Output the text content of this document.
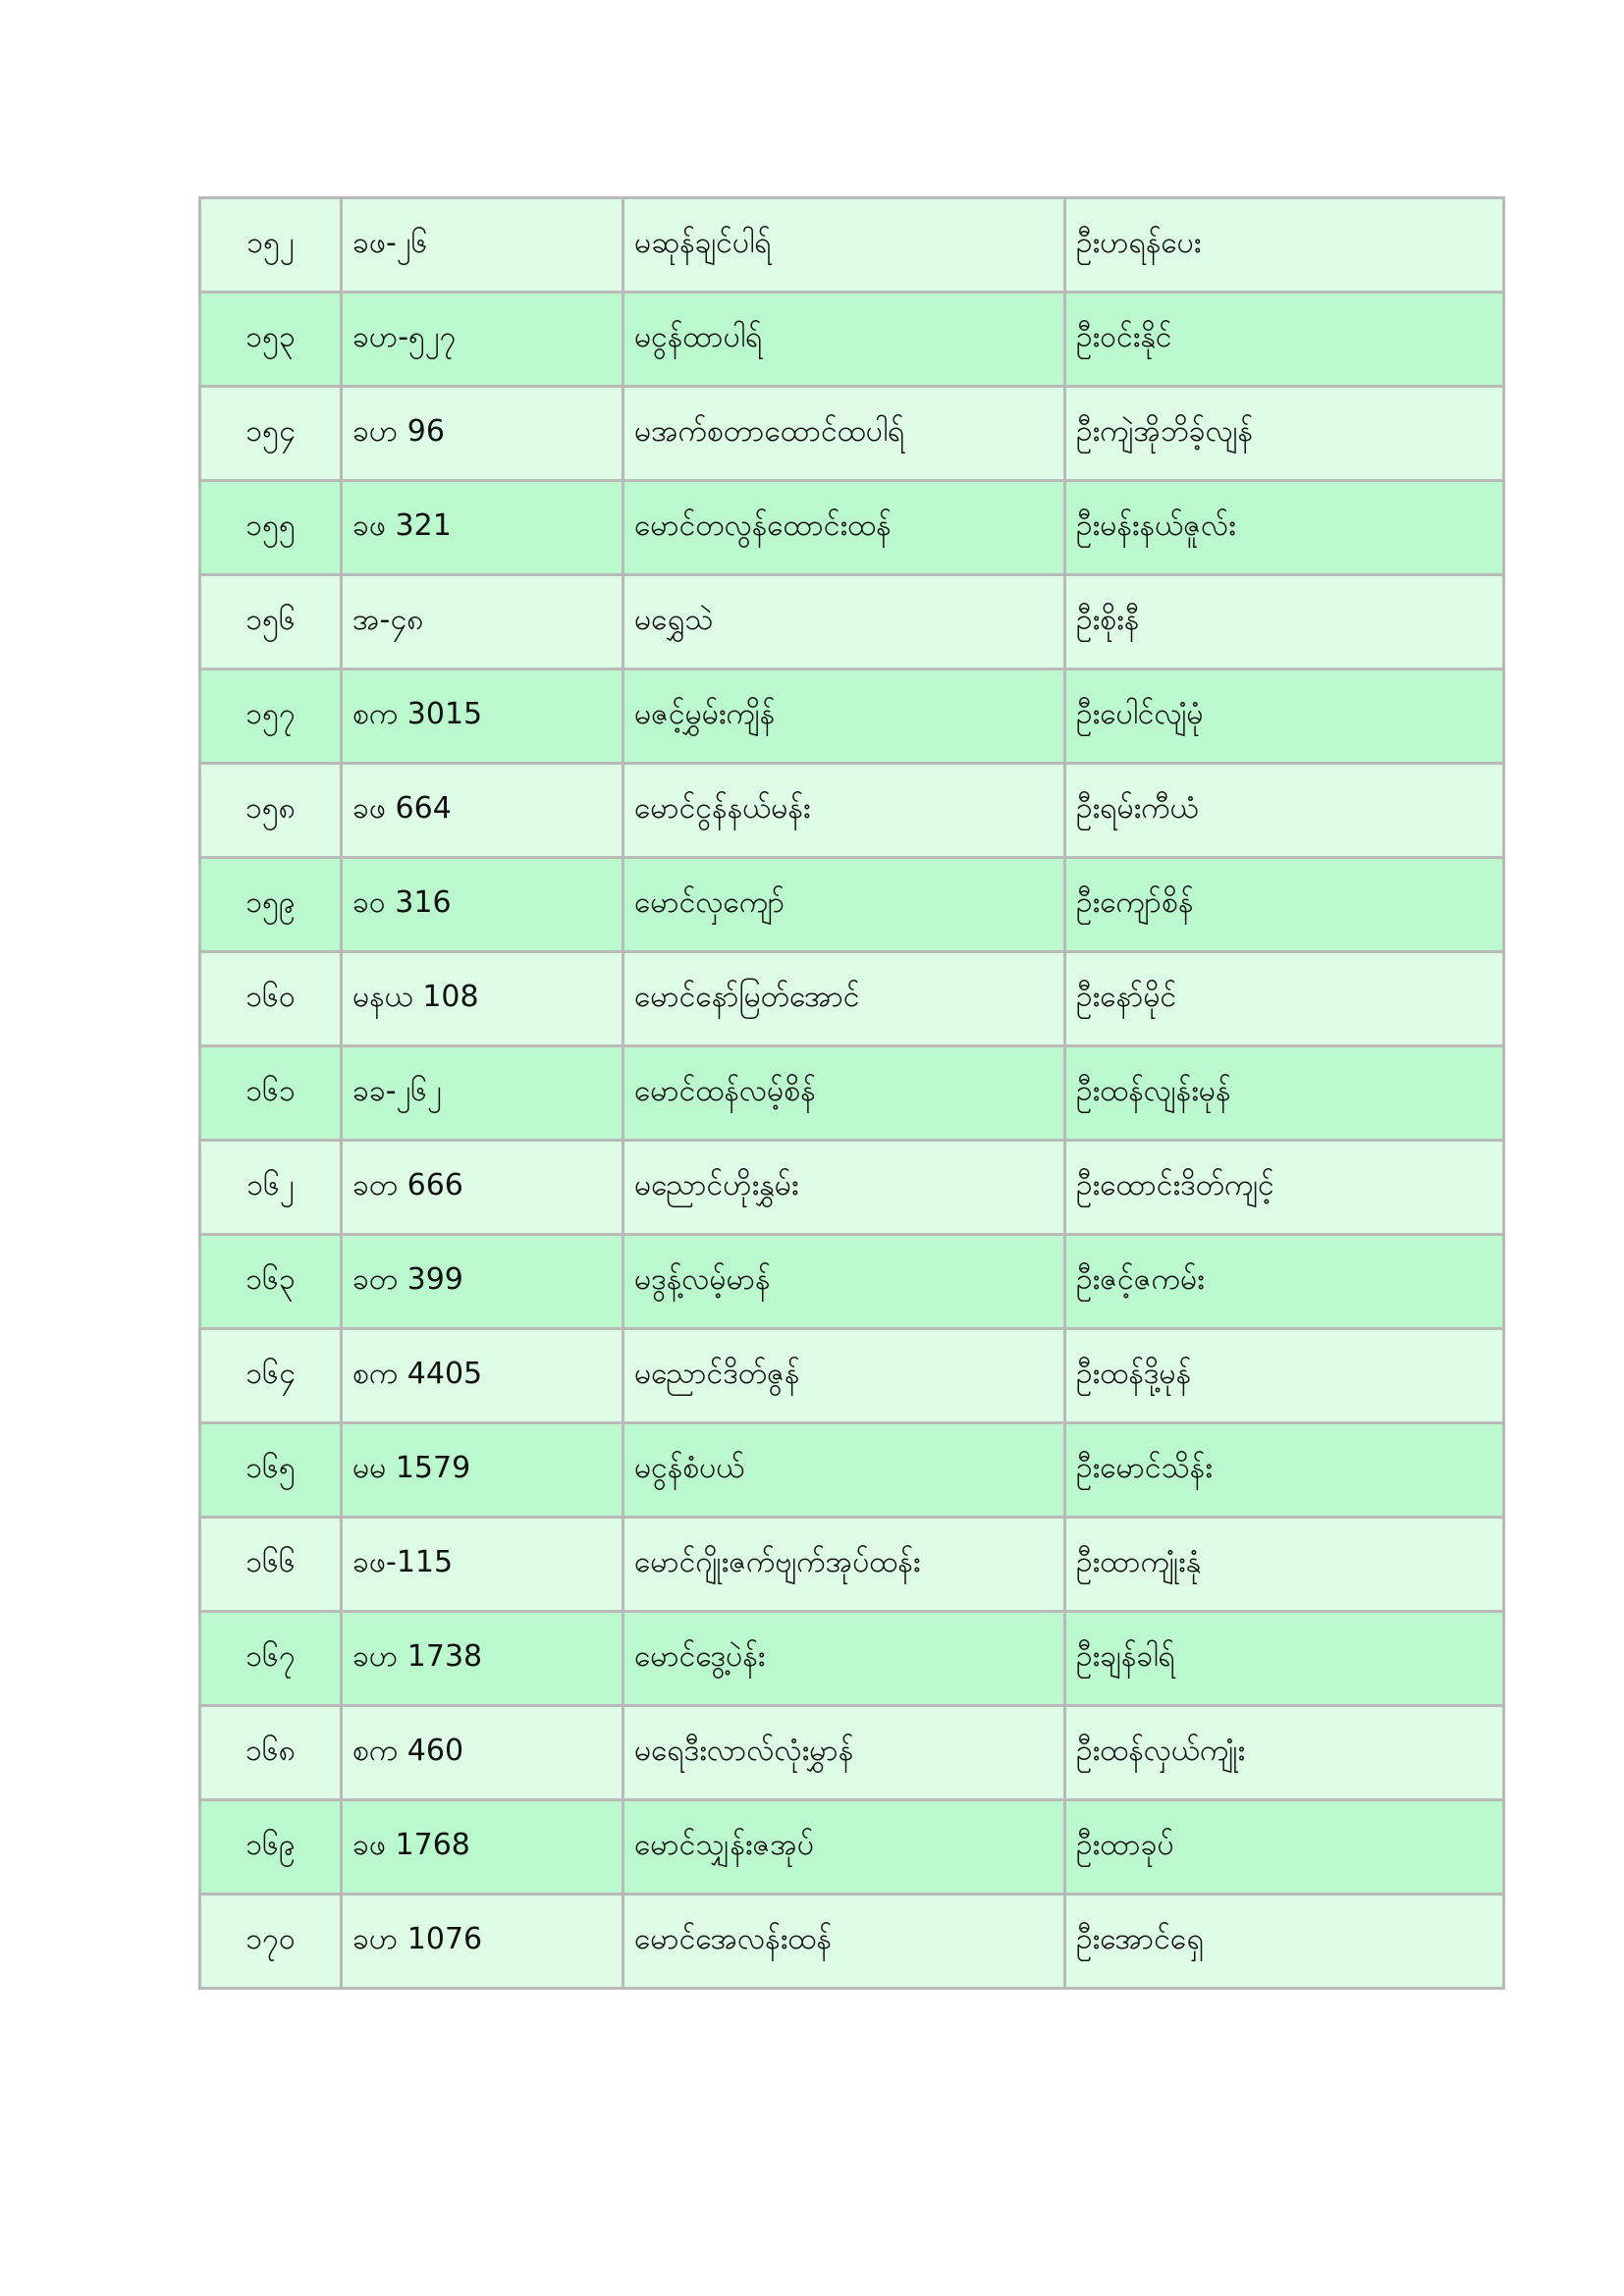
၁၅၂	ခဖ-၂၆	မဆုန်ချင်ပါရ်	ဦးဟရန်ပေး
၁၅၃	ခဟ-၅၂၇	မငွန်ထာပါရ်	ဦးဝင်းနိုင်
၁၅၄	ခဟ 96	မအက်စတာထောင်ထပါရ်	ဦးကျဲအိုဘိခ့်လျန်
၁၅၅	ခဖ 321	မောင်တလွန်ထောင်းထန်	ဦးမန်းနယ်ဇူလ်း
၁၅၆	အ-၄၈	မရွှေသဲ	ဦးစိုးနီ
၁၅၇	စက 3015	မဇင့်မွှမ်းကျိန်	ဦးပေါင်လျံမုံ
၁၅၈	ခဖ 664	မောင်ငွန်နယ်မန်း	ဦးရမ်းကီယံ
၁၅၉	ခ၀ 316	မောင်လှကျော်	ဦးကျော်စိန်
၁၆၀	မနယ 108	မောင်နော်မြတ်အောင်	ဦးနော်မိုင်
၁၆၁	ခခ-၂၆၂	မောင်ထန်လမ့်စိန်	ဦးထန်လျန်းမုန်
၁၆၂	ခတ 666	မညောင်ဟိုးနွှမ်း	ဦးထောင်းဒိတ်ကျင့်
၁၆၃	ခတ 399	မဒွန့်လမ့်မာန်	ဦးဇင့်ဇကမ်း
၁၆၄	စက 4405	မညောင်ဒိတ်ဇွန်	ဦးထန်ဒို့မုန်
၁၆၅	မမ 1579	မငွန်စံပယ်	ဦးမောင်သိန်း
၁၆၆	ခဖ-115	မောင်ဂျိုးဇက်ဗျက်အုပ်ထန်း	ဦးထာကျုံးနုံ
၁၆၇	ခဟ 1738	မောင်ဒွေ့ပဲန်း	ဦးချန်ခါရ်
၁၆၈	စက 460	မရေဒီးလာလ်လုံးမွှာန်	ဦးထန်လှယ်ကျုံး
၁၆၉	ခဖ 1768	မောင်သျှန်းဇအုပ်	ဦးထာခုပ်
၁၇၀	ခဟ 1076	မောင်အေလန်းထန်	ဦးအောင်ရှေ
